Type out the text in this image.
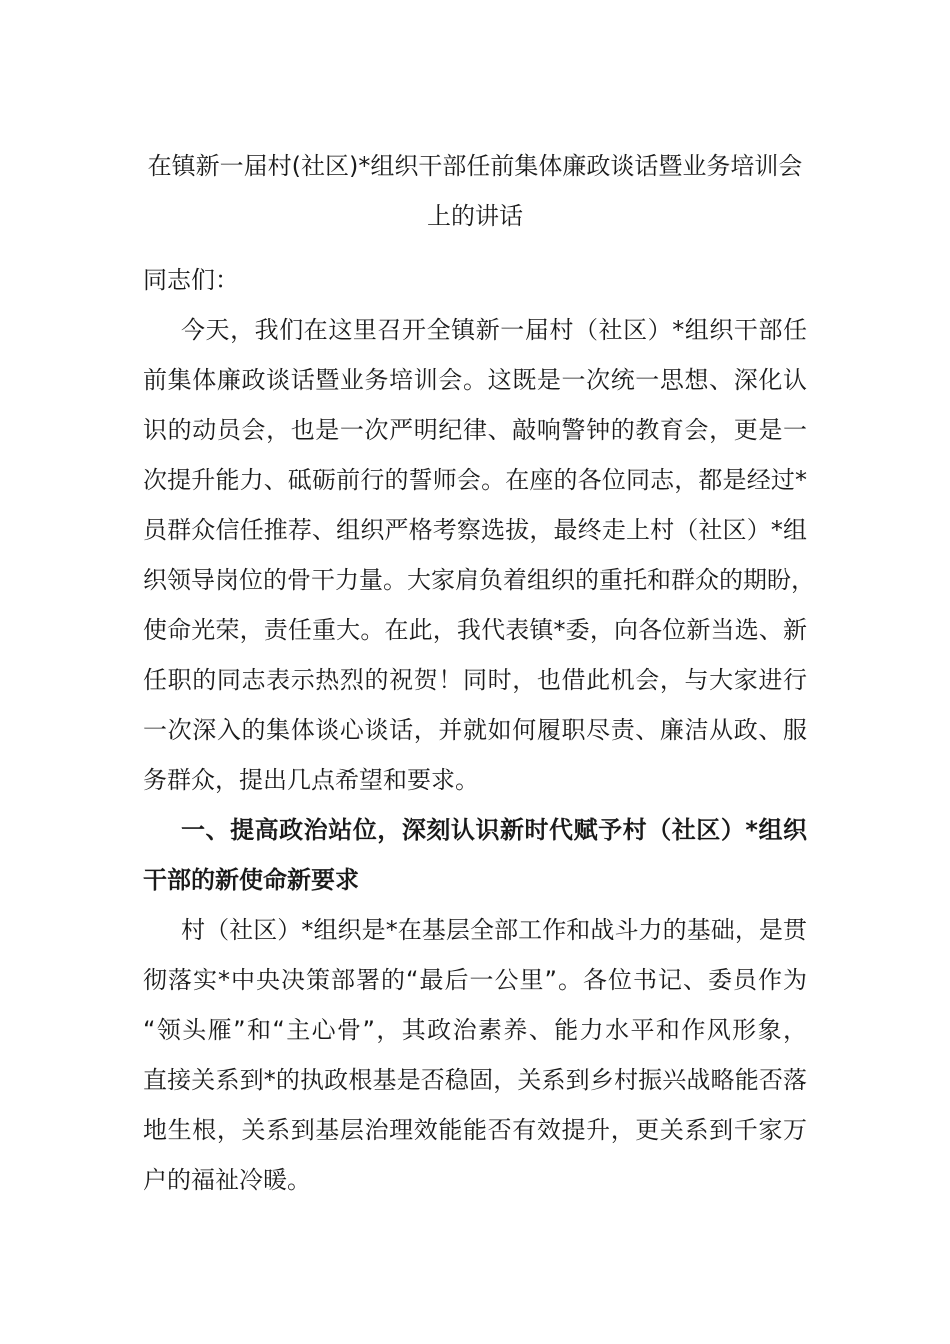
在镇新一届村(社区)*组织干部任前集体廉政谈话暨业务培训会
上的讲话

同志们：

今天，我们在这里召开全镇新一届村（社区）*组织干部任
前集体廉政谈话暨业务培训会。这既是一次统一思想、深化认
识的动员会，也是一次严明纪律、敲响警钟的教育会，更是一
次提升能力、砥砺前行的誓师会。在座的各位同志，都是经过*
员群众信任推荐、组织严格考察选拔，最终走上村（社区）*组
织领导岗位的骨干力量。大家肩负着组织的重托和群众的期盼，
使命光荣，责任重大。在此，我代表镇*委，向各位新当选、新
任职的同志表示热烈的祝贺！同时，也借此机会，与大家进行
一次深入的集体谈心谈话，并就如何履职尽责、廉洁从政、服
务群众，提出几点希望和要求。

一、提高政治站位，深刻认识新时代赋予村（社区）*组织
干部的新使命新要求

村（社区）*组织是*在基层全部工作和战斗力的基础，是贯
彻落实*中央决策部署的“最后一公里”。各位书记、委员作为
“领头雁”和“主心骨”，其政治素养、能力水平和作风形象，
直接关系到*的执政根基是否稳固，关系到乡村振兴战略能否落
地生根，关系到基层治理效能能否有效提升，更关系到千家万
户的福祉冷暖。
